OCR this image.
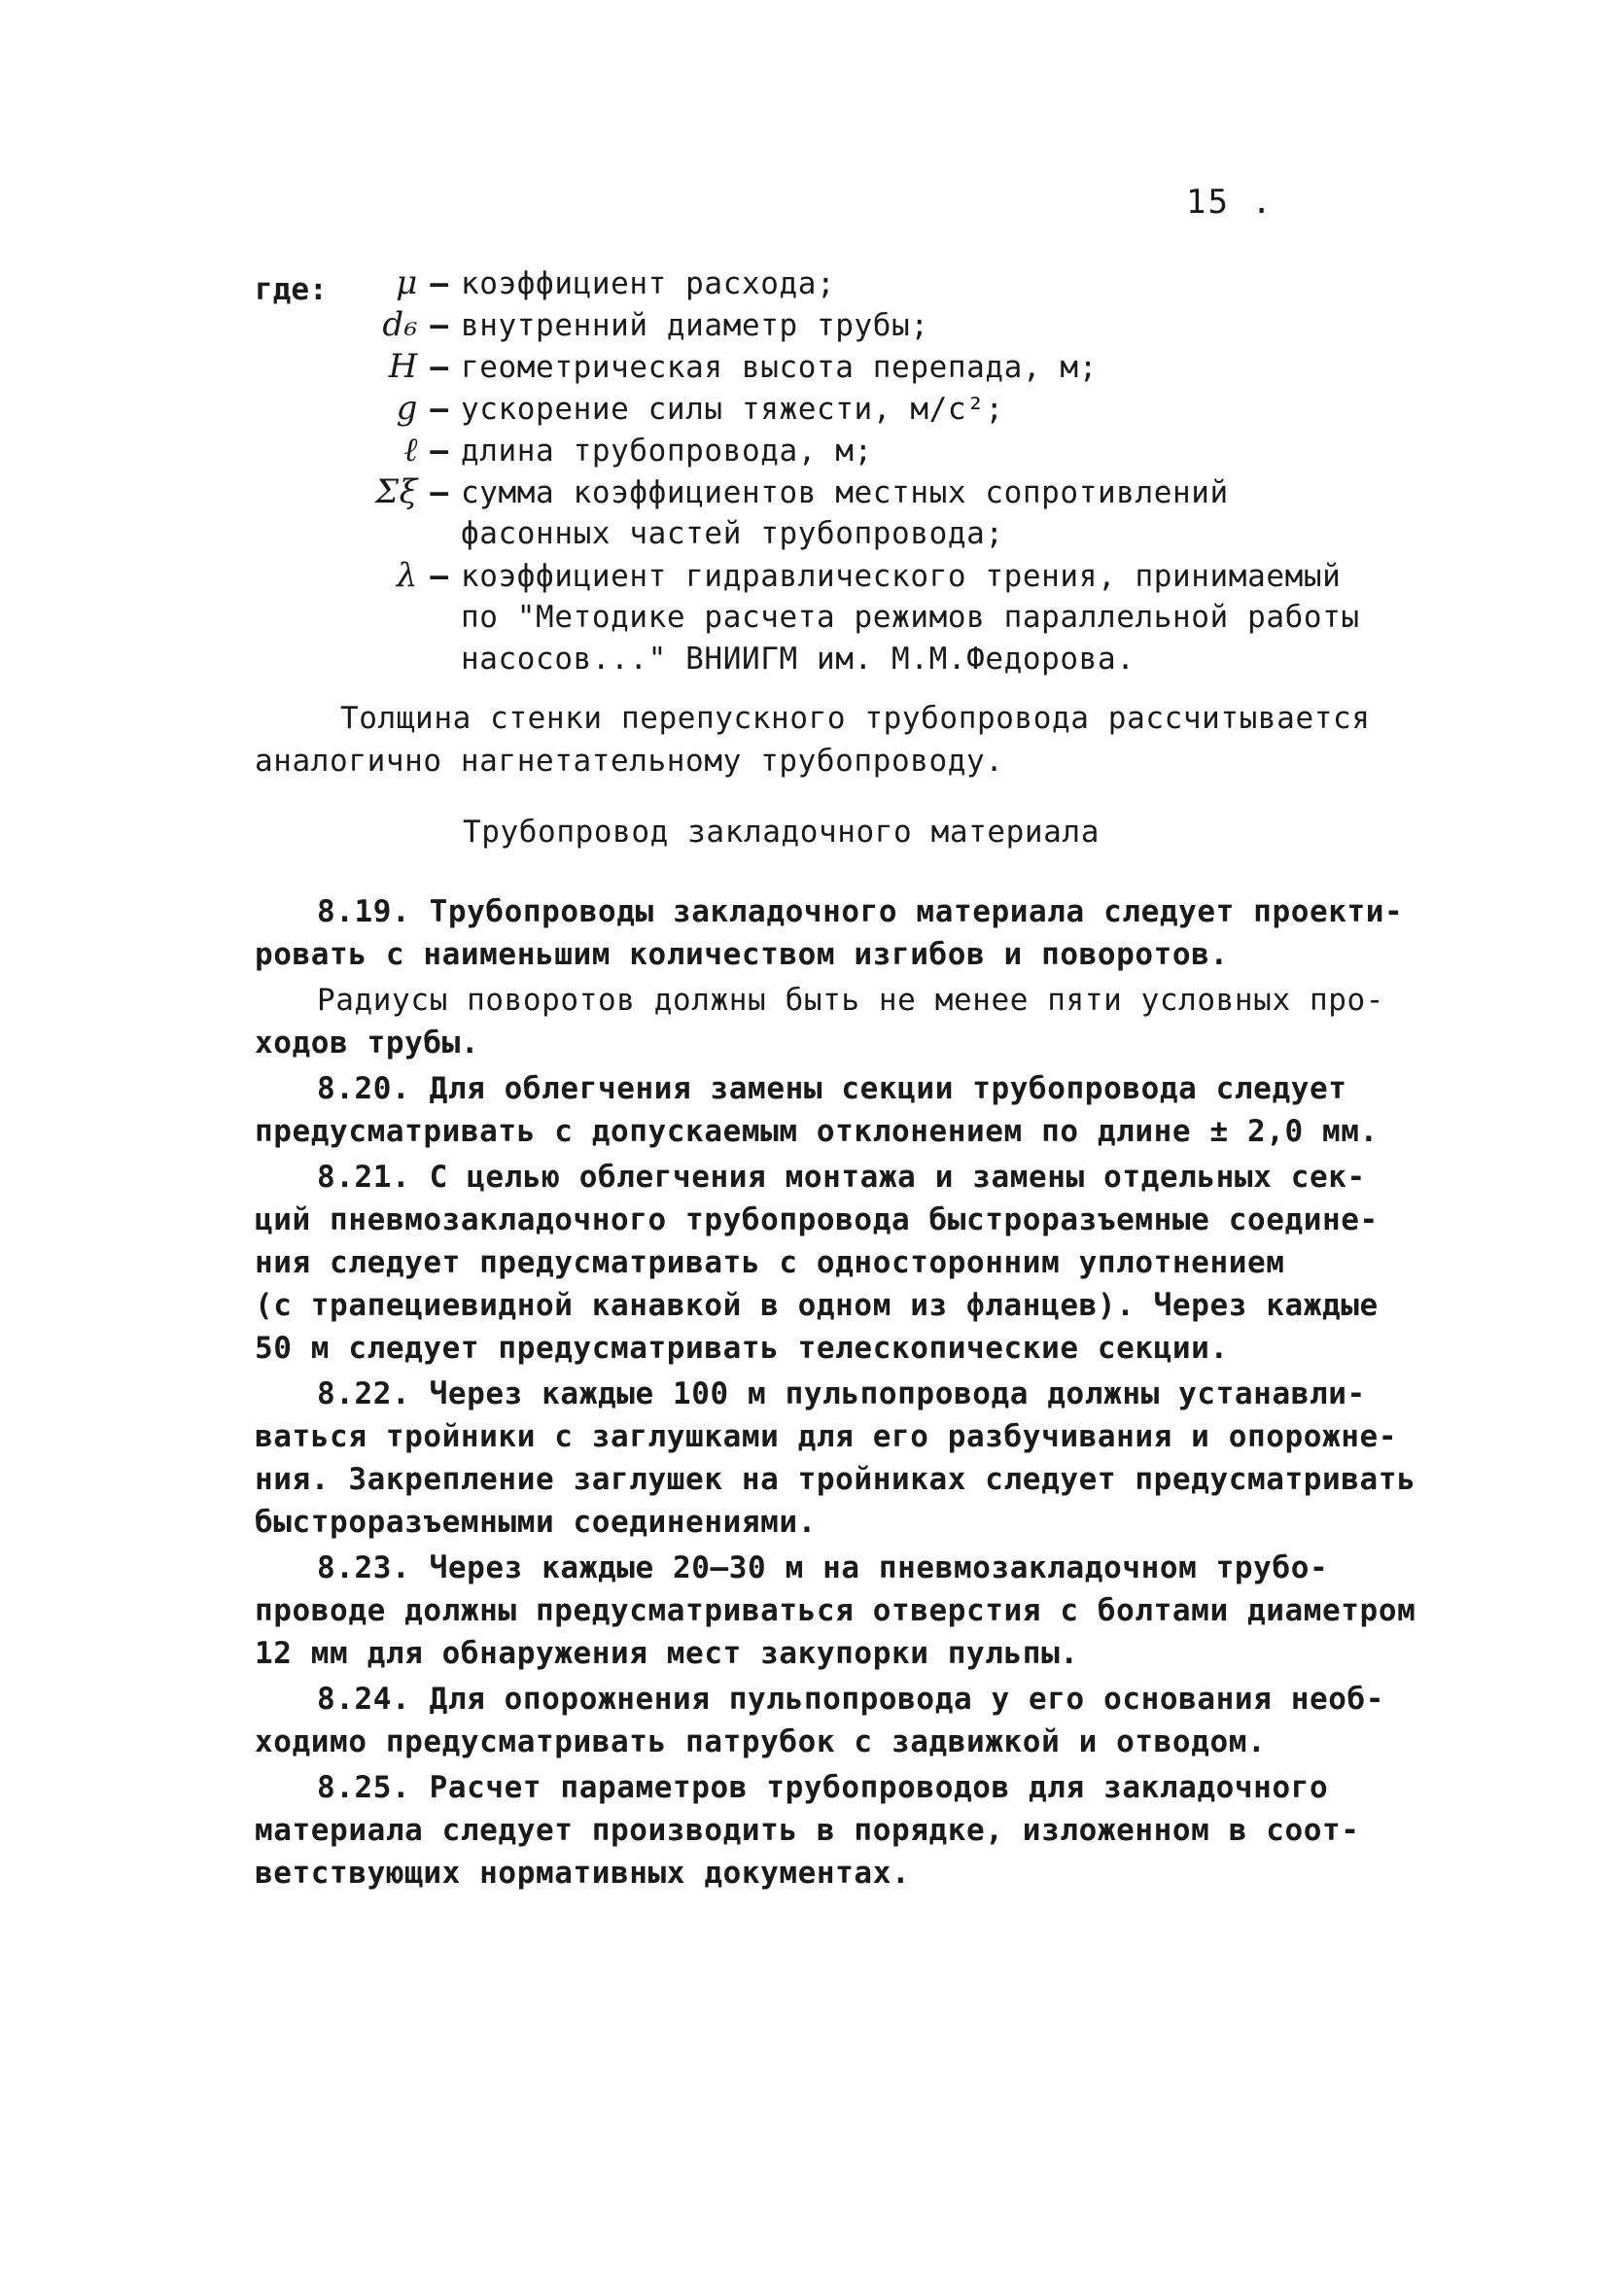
15 .
где:	μ – коэффициент расхода;
d₆ – внутренний диаметр трубы;
H – геометрическая высота перепада, м;
g – ускорение силы тяжести, м/с²;
ℓ – длина трубопровода, м;
Σξ – сумма коэффициентов местных сопротивлений
фасонных частей трубопровода;
λ – коэффициент гидравлического трения, принимаемый
по "Методике расчета режимов параллельной работы
насосов..." ВНИИГМ им. М.М.Федорова.
Толщина стенки перепускного трубопровода рассчитывается
аналогично нагнетательному трубопроводу.
Трубопровод закладочного материала
8.19. Трубопроводы закладочного материала следует проекти-
ровать с наименьшим количеством изгибов и поворотов.
Радиусы поворотов должны быть не менее пяти условных про-
ходов трубы.
8.20. Для облегчения замены секции трубопровода следует
предусматривать с допускаемым отклонением по длине ± 2,0 мм.
8.21. С целью облегчения монтажа и замены отдельных сек-
ций пневмозакладочного трубопровода быстроразъемные соедине-
ния следует предусматривать с односторонним уплотнением
(с трапециевидной канавкой в одном из фланцев). Через каждые
50 м следует предусматривать телескопические секции.
8.22. Через каждые 100 м пульпопровода должны устанавли-
ваться тройники с заглушками для его разбучивания и опорожне-
ния. Закрепление заглушек на тройниках следует предусматривать
быстроразъемными соединениями.
8.23. Через каждые 20–30 м на пневмозакладочном трубо-
проводе должны предусматриваться отверстия с болтами диаметром
12 мм для обнаружения мест закупорки пульпы.
8.24. Для опорожнения пульпопровода у его основания необ-
ходимо предусматривать патрубок с задвижкой и отводом.
8.25. Расчет параметров трубопроводов для закладочного
материала следует производить в порядке, изложенном в соот-
ветствующих нормативных документах.
